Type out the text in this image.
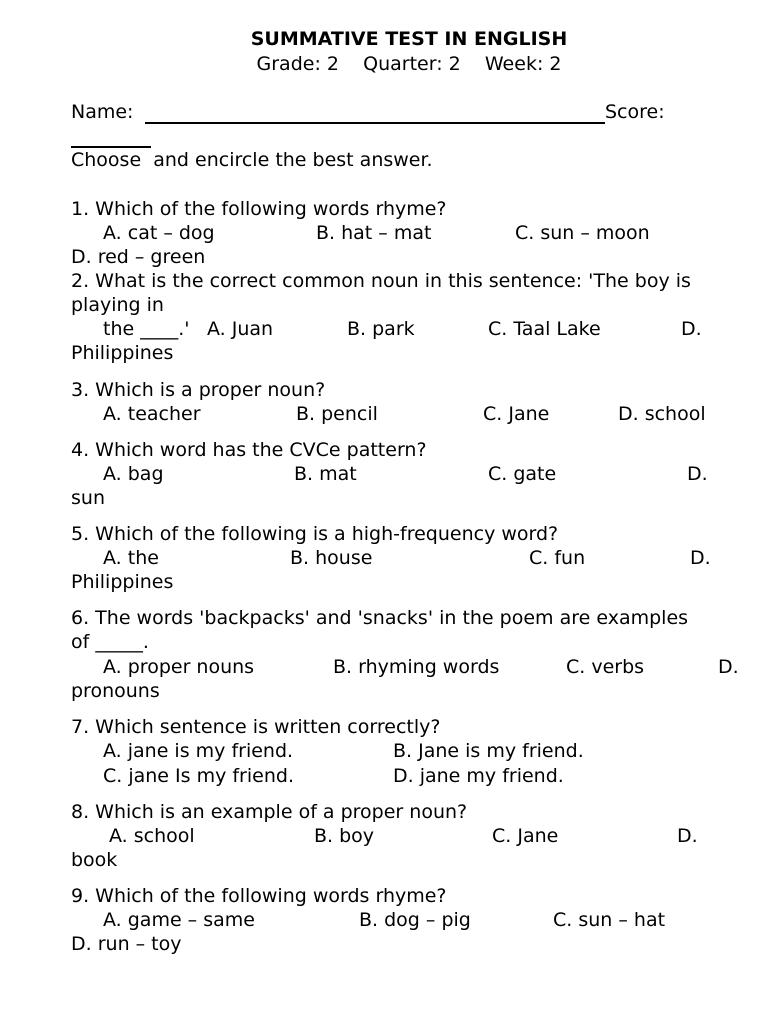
SUMMATIVE TEST IN ENGLISH
Grade: 2    Quarter: 2    Week: 2
Name:	Score:
Choose  and encircle the best answer.
1. Which of the following words rhyme?
A. cat – dog	B. hat – mat	C. sun – moon
D. red – green
2. What is the correct common noun in this sentence: 'The boy is
playing in
the ____.' A. Juan	B. park	C. Taal Lake	D.
Philippines
3. Which is a proper noun?
A. teacher	B. pencil	C. Jane	D. school
4. Which word has the CVCe pattern?
A. bag	B. mat	C. gate	D.
sun
5. Which of the following is a high-frequency word?
A. the	B. house	C. fun	D.
Philippines
6. The words 'backpacks' and 'snacks' in the poem are examples
of _____.
A. proper nouns	B. rhyming words	C. verbs	D.
pronouns
7. Which sentence is written correctly?
A. jane is my friend.	B. Jane is my friend.
C. jane Is my friend.	D. jane my friend.
8. Which is an example of a proper noun?
A. school	B. boy	C. Jane	D.
book
9. Which of the following words rhyme?
A. game – same	B. dog – pig	C. sun – hat
D. run – toy
